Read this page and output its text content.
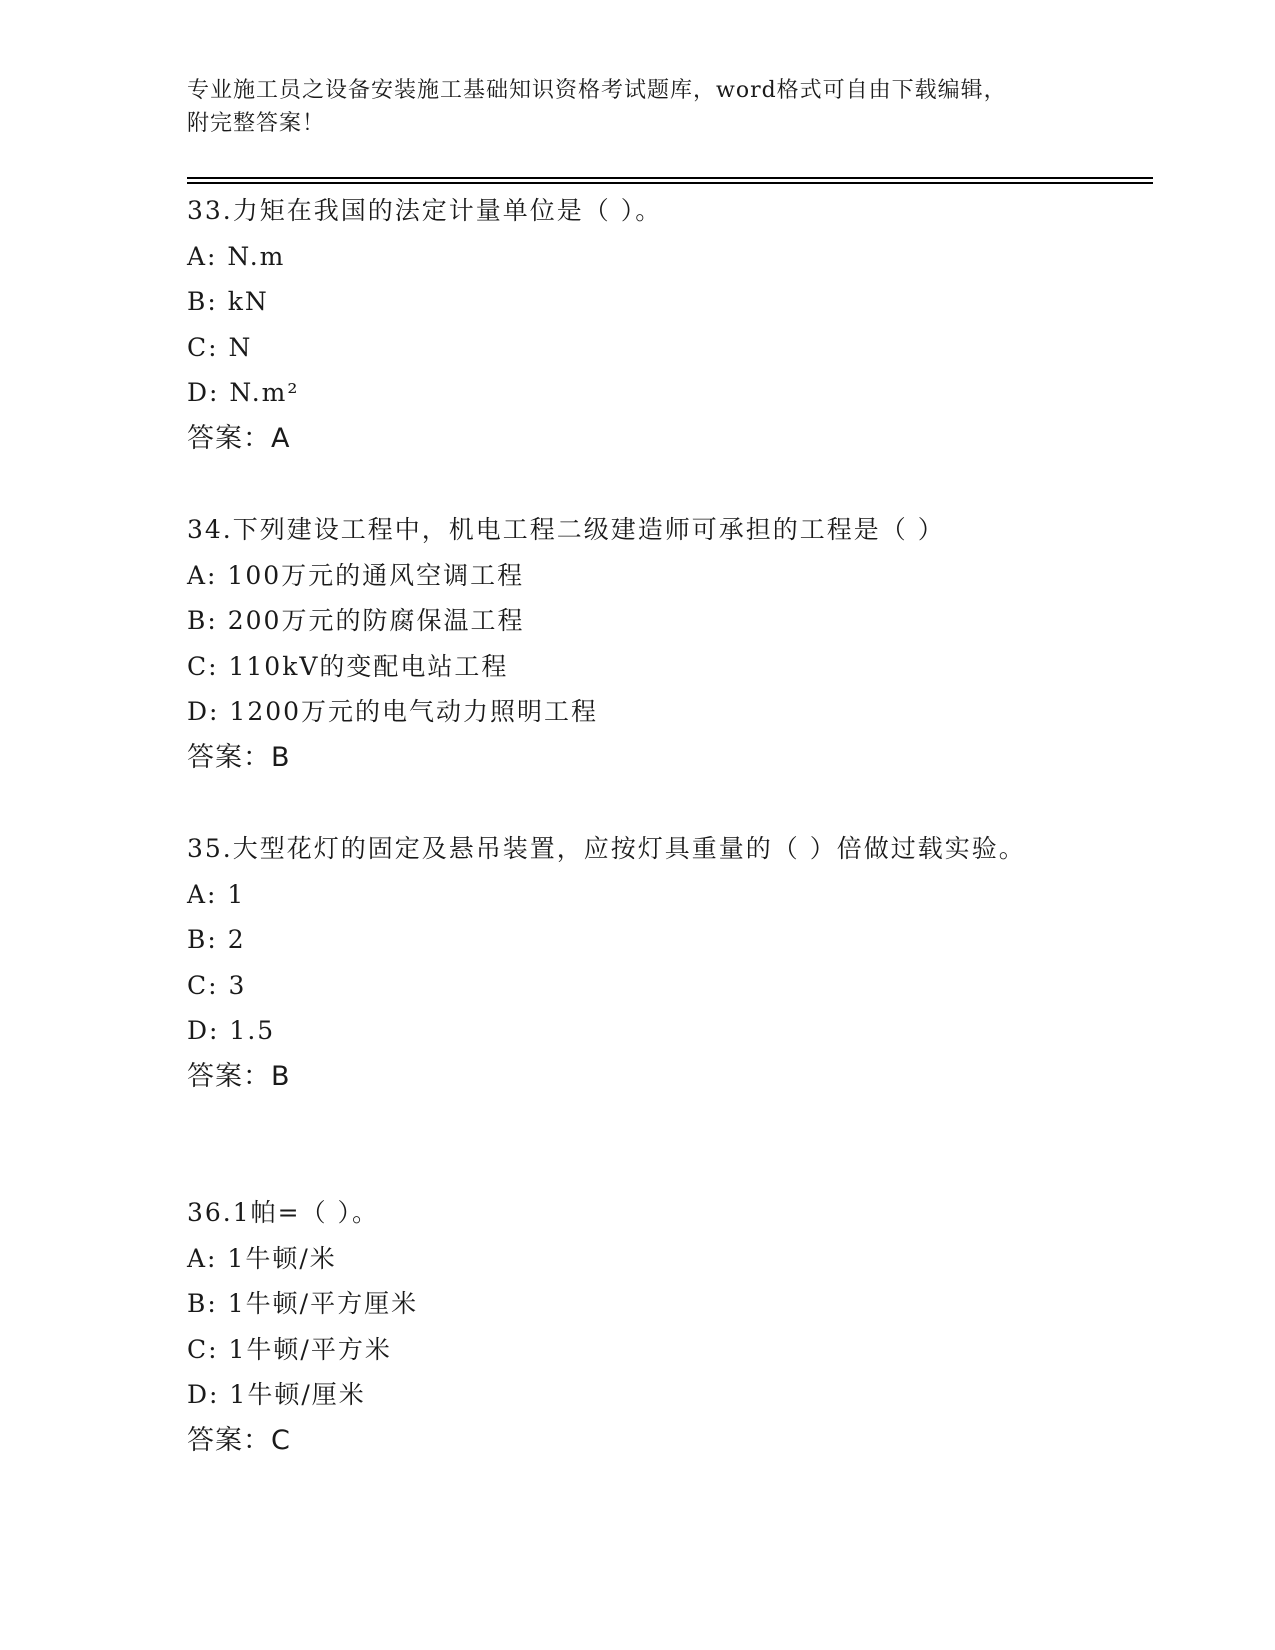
专业施工员之设备安装施工基础知识资格考试题库，word格式可自由下载编辑，
附完整答案！
33.力矩在我国的法定计量单位是（ ）。
A: N.m
B: kN
C: N
D: N.m²
答案：A
34.下列建设工程中，机电工程二级建造师可承担的工程是（ ）
A: 100万元的通风空调工程
B: 200万元的防腐保温工程
C: 110kV的变配电站工程
D: 1200万元的电气动力照明工程
答案：B
35.大型花灯的固定及悬吊装置，应按灯具重量的（ ）倍做过载实验。
A: 1
B: 2
C: 3
D: 1.5
答案：B
36.1帕=（ ）。
A: 1牛顿/米
B: 1牛顿/平方厘米
C: 1牛顿/平方米
D: 1牛顿/厘米
答案：C
